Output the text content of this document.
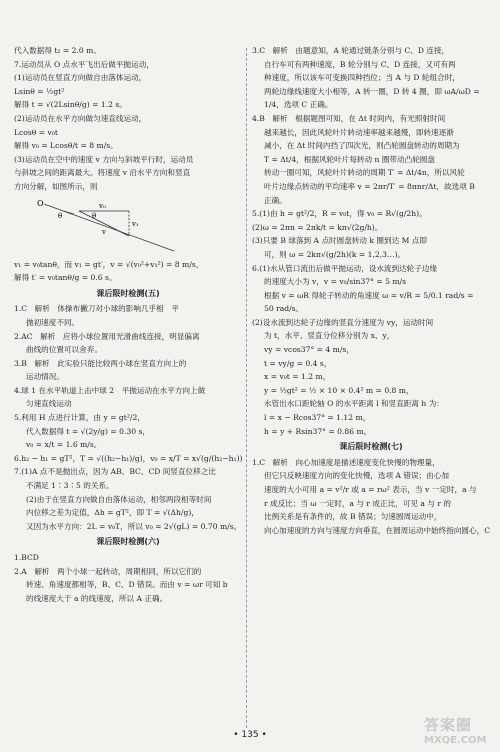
代入数据得 t₂ = 2.0 m。
7.运动员从 O 点水平飞出后做平抛运动，
(1)运动员在竖直方向做自由落体运动，
Lsinθ = ½gt²
解得 t = √(2Lsinθ/g) = 1.2 s。
(2)运动员在水平方向做匀速直线运动，
Lcosθ = v₀t
解得 v₀ = Lcosθ/t = 8 m/s。
(3)运动员在空中的速度 v 方向与斜坡平行时，运动员
与斜坡之间的距离最大。将速度 v 沿水平方向和竖直
方向分解，如图所示，则
O	v₀
θ
v₁
v
θ
v₁ = v₀tanθ，而 v₁ = gt′，v = √(v₀²+v₁²) = 8 m/s，
解得 t′ = v₀tanθ/g = 0.6 s。
课后限时检测(五)
1.C　解析　体操布撇刀对小球的影响几乎相　平
抛初速度不同。
2.AC　解析　应将小球位置用光滑曲线连接，明显偏离
曲线的位置可以舍弃。
3.B　解析　此实验只能比较两小球在竖直方向上的
运动情况。
4.球 1 在水平轨道上击中球 2　平抛运动在水平方向上做
匀速直线运动
5.利用 H 点进行计算，由 y = gt²/2，
代入数据得 t = √(2y/g) = 0.30 s，
v₀ = x/t = 1.6 m/s。
6.h₂ − h₁ = gT²，T = √((h₂−h₁)/g)，v₀ = x/T = x√(g/(h₂−h₁))
7.(1)A 点不是抛出点，因为 AB、BC、CD 间竖直位移之比
不满足 1∶3∶5 的关系。
(2)由于在竖直方向做自由落体运动，相邻两段相等时间
内位移之差为定值，Δh = gT²，即 T = √(Δh/g)，
又因为水平方向：2L = v₀T，所以 v₀ = 2√(gL) = 0.70 m/s。
课后限时检测(六)
1.BCD
2.A　解析　两个小球一起转动，周期相同，所以它们的
转速、角速度都相等，B、C、D 错误。而由 v = ωr 可知 b
的线速度大于 a 的线速度，所以 A 正确。
3.C　解析　由题意知，A 轮通过链条分别与 C、D 连接，
自行车可有两种速度，B 轮分别与 C、D 连接，又可有两
种速度，所以该车可变换四种挡位；当 A 与 D 轮组合时，
两轮边缘线速度大小相等，A 转一圈，D 转 4 圈，即 ωA/ωD =
1/4，选项 C 正确。
4.B　解析　根据题图可知，在 Δt 时间内，有光照射时间
越来越长，因此风轮叶片转动速率越来越慢，即转速逐渐
减小，在 Δt 时间内挡了四次光，则凸轮圆盘转动的周期为
T = Δt/4，根据风轮叶片每转动 n 圈带动凸轮圆盘
转动一圈可知，风轮叶片转动的周期 T′ = Δt/4n，所以风轮
叶片边缘点转动的平均速率 v = 2πr/T′ = 8πnr/Δt，故选项 B
正确。
5.(1)由 h = gt²/2，R = v₀t，得 v₀ = R√(g/2h)。
(2)ω = 2πn = 2πk/t = kπ√(2g/h)。
(3)只要 B 球落到 A 点时圆盘转动 k 圈到达 M 点即
可，则 ω = 2kπ√(g/2h)(k = 1,2,3…)。
6.(1)水从管口流出后做平抛运动，设水流到达轮子边缘
的速度大小为 v，v = v₀/sin37° = 5 m/s
根据 v = ωR 得轮子转动的角速度 ω = v/R = 5/0.1 rad/s =
50 rad/s。
(2)设水流到达轮子边缘的竖直分速度为 vy，运动时间
为 t，水平、竖直分位移分别为 x、y，
vy = vcos37° = 4 m/s，
t = vy/g = 0.4 s，
x = v₀t = 1.2 m，
y = ½gt² = ½ × 10 × 0.4² m = 0.8 m，
水管出水口距轮轴 O 的水平距离 l 和竖直距离 h 为：
l = x − Rcos37° = 1.12 m，
h = y + Rsin37° = 0.86 m。
课后限时检测(七)
1.C　解析　向心加速度是描述速度变化快慢的物理量，
但它只反映速度方向的变化快慢，选项 A 错误；由心加
速度的大小可用 a = v²/r 或 a = rω² 表示，当 v 一定时，a 与
r 成反比；当 ω 一定时，a 与 r 成正比，可见 a 与 r 的
比例关系是有条件的，故 B 错误；匀速圆周运动中，
向心加速度的方向与速度方向垂直，在圆周运动中始终指向圆心，C
• 135 •
答案圈
MXQE.COM
